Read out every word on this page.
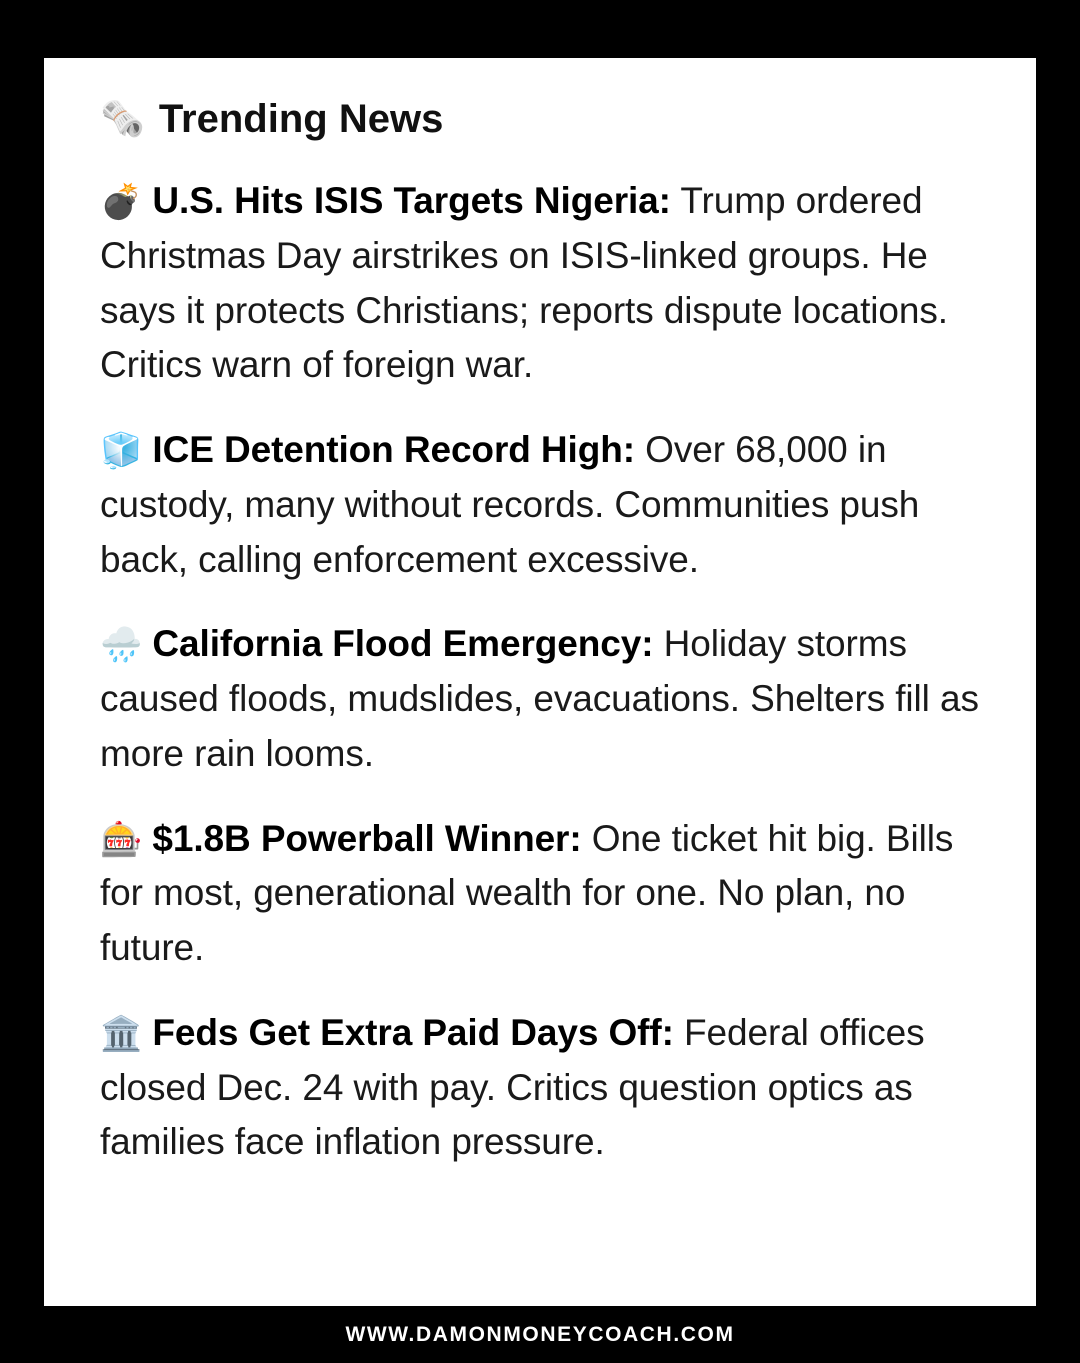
🗞️ Trending News

💣 U.S. Hits ISIS Targets Nigeria: Trump ordered Christmas Day airstrikes on ISIS-linked groups. He says it protects Christians; reports dispute locations. Critics warn of foreign war.

🧊 ICE Detention Record High: Over 68,000 in custody, many without records. Communities push back, calling enforcement excessive.

🌧️ California Flood Emergency: Holiday storms caused floods, mudslides, evacuations. Shelters fill as more rain looms.

🎰 $1.8B Powerball Winner: One ticket hit big. Bills for most, generational wealth for one. No plan, no future.

🏛️ Feds Get Extra Paid Days Off: Federal offices closed Dec. 24 with pay. Critics question optics as families face inflation pressure.

WWW.DAMONMONEYCOACH.COM
